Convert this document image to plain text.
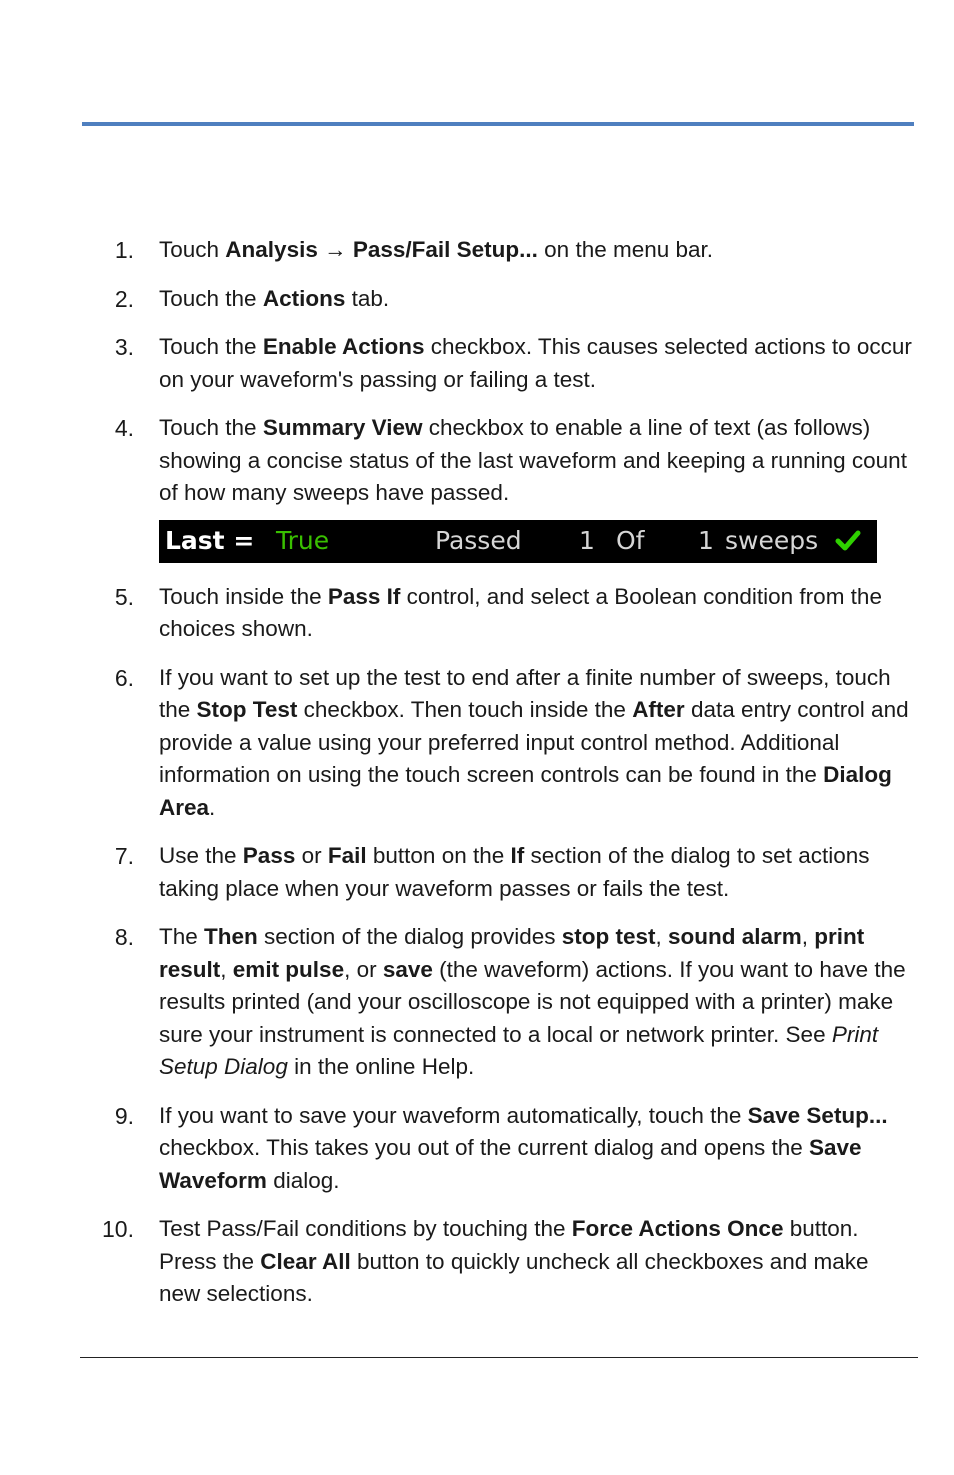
1. Touch Analysis → Pass/Fail Setup... on the menu bar.
2. Touch the Actions tab.
3. Touch the Enable Actions checkbox. This causes selected actions to occur on your waveform's passing or failing a test.
4. Touch the Summary View checkbox to enable a line of text (as follows) showing a concise status of the last waveform and keeping a running count of how many sweeps have passed.
Last = True	Passed 1 Of 1 sweeps
5. Touch inside the Pass If control, and select a Boolean condition from the choices shown.
6. If you want to set up the test to end after a finite number of sweeps, touch the Stop Test checkbox. Then touch inside the After data entry control and provide a value using your preferred input control method. Additional information on using the touch screen controls can be found in the Dialog Area.
7. Use the Pass or Fail button on the If section of the dialog to set actions taking place when your waveform passes or fails the test.
8. The Then section of the dialog provides stop test, sound alarm, print result, emit pulse, or save (the waveform) actions. If you want to have the results printed (and your oscilloscope is not equipped with a printer) make sure your instrument is connected to a local or network printer. See Print Setup Dialog in the online Help.
9. If you want to save your waveform automatically, touch the Save Setup... checkbox. This takes you out of the current dialog and opens the Save Waveform dialog.
10. Test Pass/Fail conditions by touching the Force Actions Once button. Press the Clear All button to quickly uncheck all checkboxes and make new selections.
